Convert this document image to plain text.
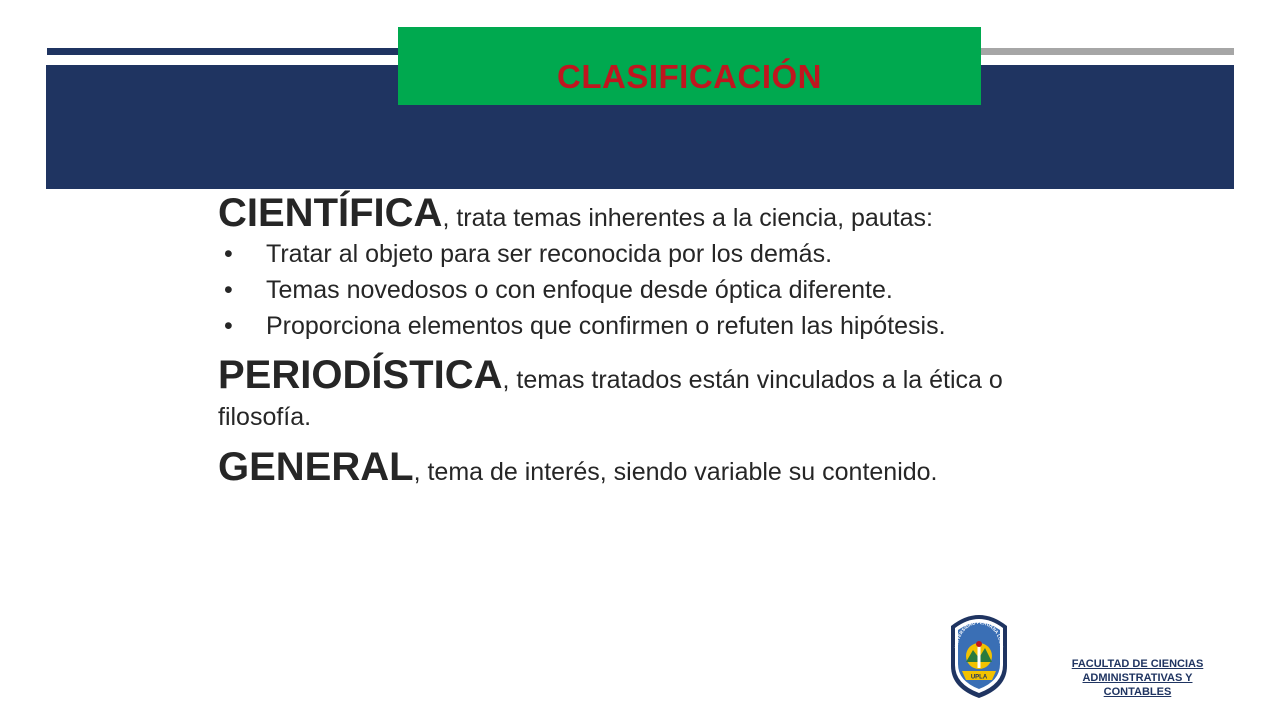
CLASIFICACIÓN

CIENTÍFICA, trata temas inherentes a la ciencia, pautas:

• Tratar al objeto para ser reconocida por los demás.
• Temas novedosos o con enfoque desde óptica diferente.
• Proporciona elementos que confirmen o refuten las hipótesis.

PERIODÍSTICA, temas tratados están vinculados a la ética o filosofía.

GENERAL, tema de interés, siendo variable su contenido.

UNIVERSIDAD PERUANA LOS A
UPLA
FACULTAD DE CIENCIAS
ADMINISTRATIVAS Y
CONTABLES
